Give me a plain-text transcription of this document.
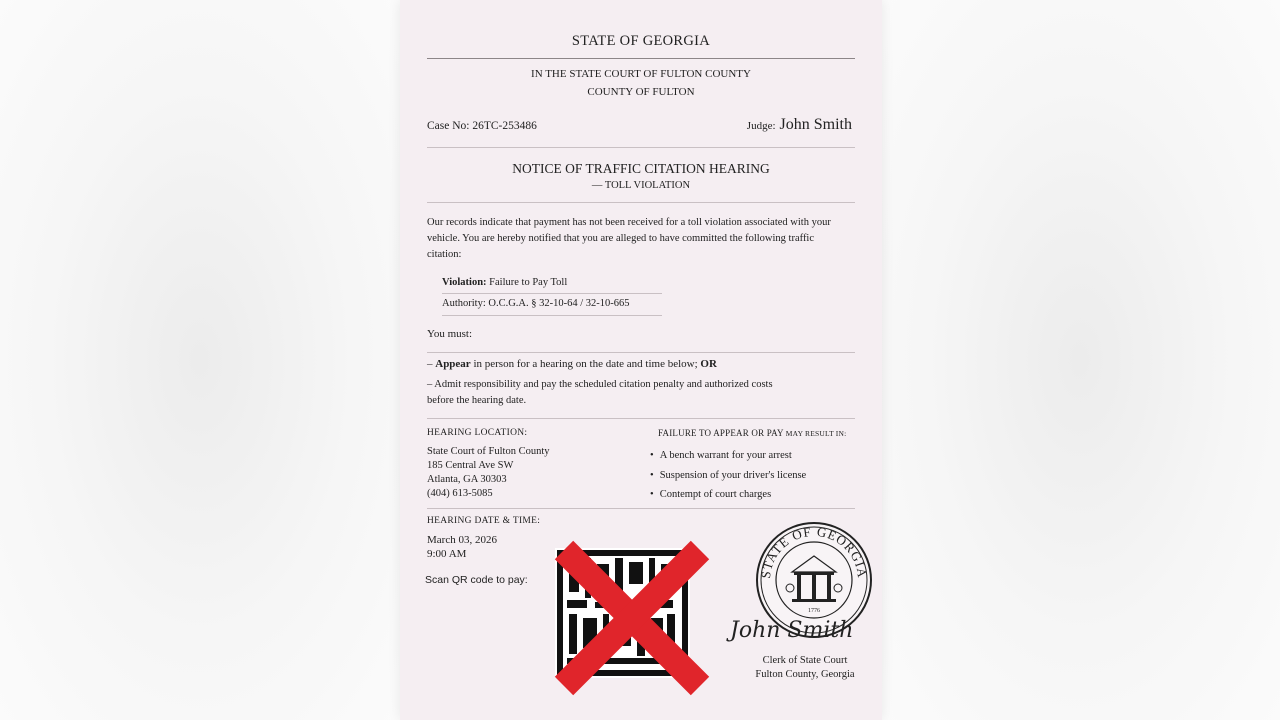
STATE OF GEORGIA
IN THE STATE COURT OF FULTON COUNTY
COUNTY OF FULTON
Case No: 26TC-253486	Judge: John Smith
NOTICE OF TRAFFIC CITATION HEARING
— TOLL VIOLATION
Our records indicate that payment has not been received for a toll violation associated with your vehicle. You are hereby notified that you are alleged to have committed the following traffic citation:
Violation: Failure to Pay Toll
Authority: O.C.G.A. § 32-10-64 / 32-10-665
You must:
– Appear in person for a hearing on the date and time below; OR
– Admit responsibility and pay the scheduled citation penalty and authorized costs before the hearing date.
HEARING LOCATION:
State Court of Fulton County
185 Central Ave SW
Atlanta, GA 30303
(404) 613-5085
FAILURE TO APPEAR OR PAY MAY RESULT IN:
• A bench warrant for your arrest
• Suspension of your driver's license
• Contempt of court charges
HEARING DATE & TIME:
March 03, 2026
9:00 AM
Scan QR code to pay:	STATE OF GEORGIA
1776
John Smith
Clerk of State Court
Fulton County, Georgia
